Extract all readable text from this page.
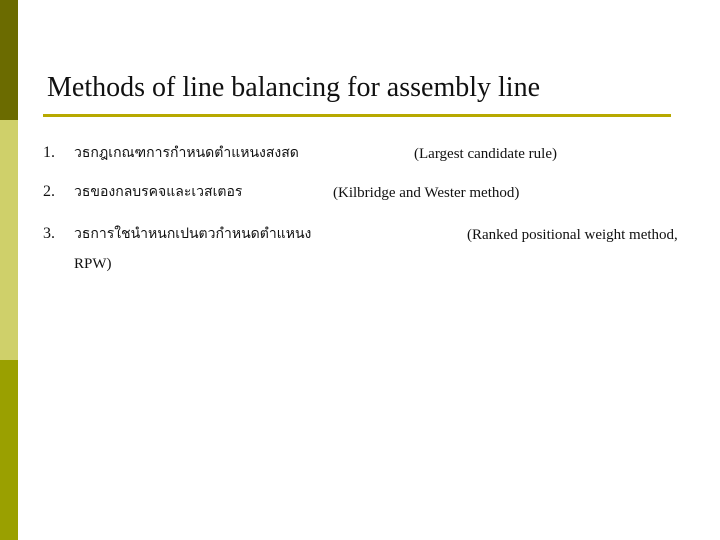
Methods of line balancing for assembly line
1.	วธกฎเกณฑการกำหนดตำแหนงสงสด	(Largest candidate rule)
2.	วธของกลบรคจและเวสเตอร	(Kilbridge and Wester method)
3.	วธการใชนำหนกเปนตวกำหนดตำแหนง	(Ranked positional weight method,
RPW)
